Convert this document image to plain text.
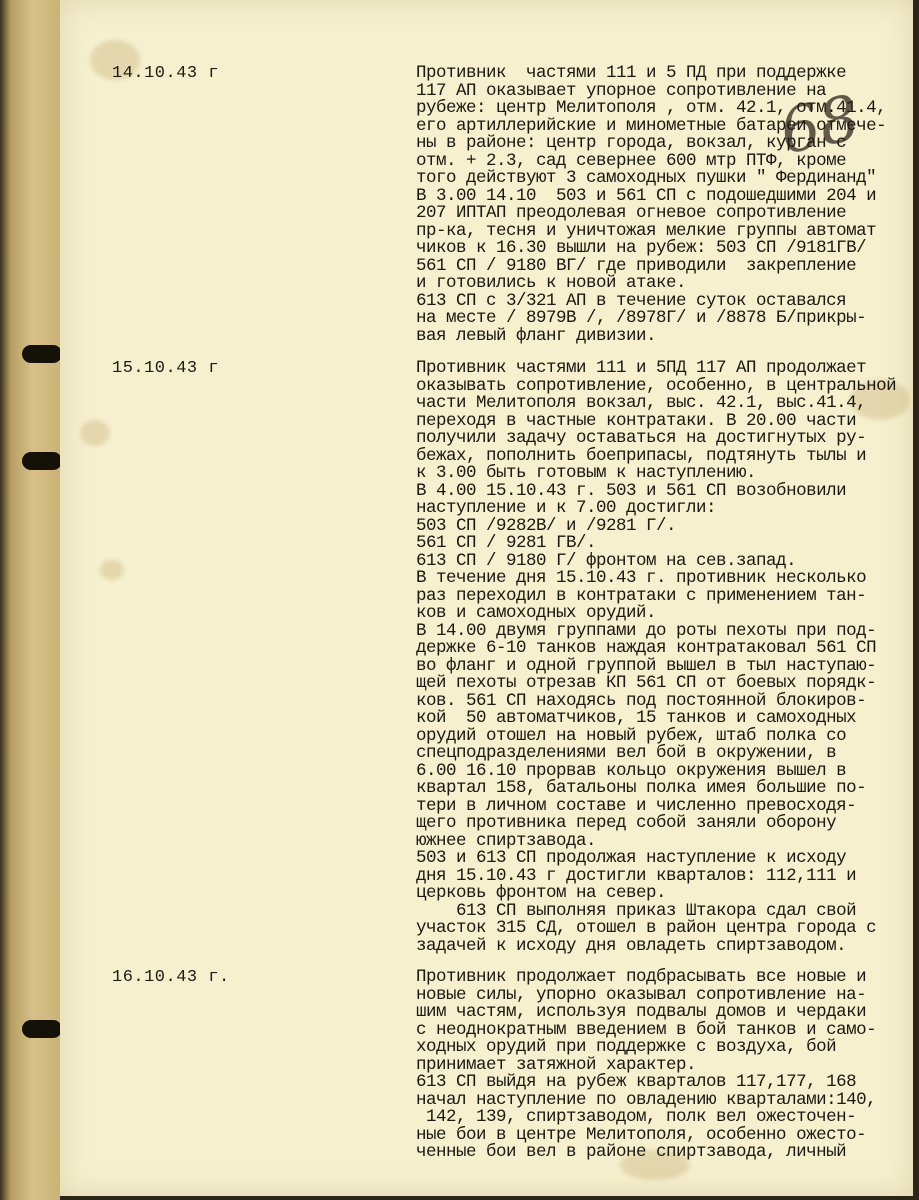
68
14.10.43 г	Противник  частями 111 и 5 ПД при поддержке
117 АП оказывает упорное сопротивление на
рубеже: центр Мелитополя , отм. 42.1, отм.41.4,
его артиллерийские и минометные батареи отмече-
ны в районе: центр города, вокзал, курган с
отм. + 2.3, сад севернее 600 мтр ПТФ, кроме
того действуют 3 самоходных пушки " Фердинанд"
В 3.00 14.10  503 и 561 СП с подошедшими 204 и
207 ИПТАП преодолевая огневое сопротивление
пр-ка, тесня и уничтожая мелкие группы автомат
чиков к 16.30 вышли на рубеж: 503 СП /9181ГВ/
561 СП / 9180 ВГ/ где приводили  закрепление
и готовились к новой атаке.
613 СП с 3/321 АП в течение суток оставался
на месте / 8979В /, /8978Г/ и /8878 Б/прикры-
вая левый фланг дивизии.
15.10.43 г	Противник частями 111 и 5ПД 117 АП продолжает
оказывать сопротивление, особенно, в центральной
части Мелитополя вокзал, выс. 42.1, выс.41.4,
переходя в частные контратаки. В 20.00 части
получили задачу оставаться на достигнутых ру-
бежах, пополнить боеприпасы, подтянуть тылы и
к 3.00 быть готовым к наступлению.
В 4.00 15.10.43 г. 503 и 561 СП возобновили
наступление и к 7.00 достигли:
503 СП /9282В/ и /9281 Г/.
561 СП / 9281 ГВ/.
613 СП / 9180 Г/ фронтом на сев.запад.
В течение дня 15.10.43 г. противник несколько
раз переходил в контратаки с применением тан-
ков и самоходных орудий.
В 14.00 двумя группами до роты пехоты при под-
держке 6-10 танков наждая контратаковал 561 СП
во фланг и одной группой вышел в тыл наступаю-
щей пехоты отрезав КП 561 СП от боевых порядк-
ков. 561 СП находясь под постоянной блокиров-
кой  50 автоматчиков, 15 танков и самоходных
орудий отошел на новый рубеж, штаб полка со
спецподразделениями вел бой в окружении, в
6.00 16.10 прорвав кольцо окружения вышел в
квартал 158, батальоны полка имея большие по-
тери в личном составе и численно превосходя-
щего противника перед собой заняли оборону
южнее спиртзавода.
503 и 613 СП продолжая наступление к исходу
дня 15.10.43 г достигли кварталов: 112,111 и
церковь фронтом на север.
613 СП выполняя приказ Штакора сдал свой
участок 315 СД, отошел в район центра города с
задачей к исходу дня овладеть спиртзаводом.
16.10.43 г.	Противник продолжает подбрасывать все новые и
новые силы, упорно оказывал сопротивление на-
шим частям, используя подвалы домов и чердаки
с неоднократным введением в бой танков и само-
ходных орудий при поддержке с воздуха, бой
принимает затяжной характер.
613 СП выйдя на рубеж кварталов 117,177, 168
начал наступление по овладению кварталами:140,
142, 139, спиртзаводом, полк вел ожесточен-
ные бои в центре Мелитополя, особенно ожесто-
ченные бои вел в районе спиртзавода, личный
